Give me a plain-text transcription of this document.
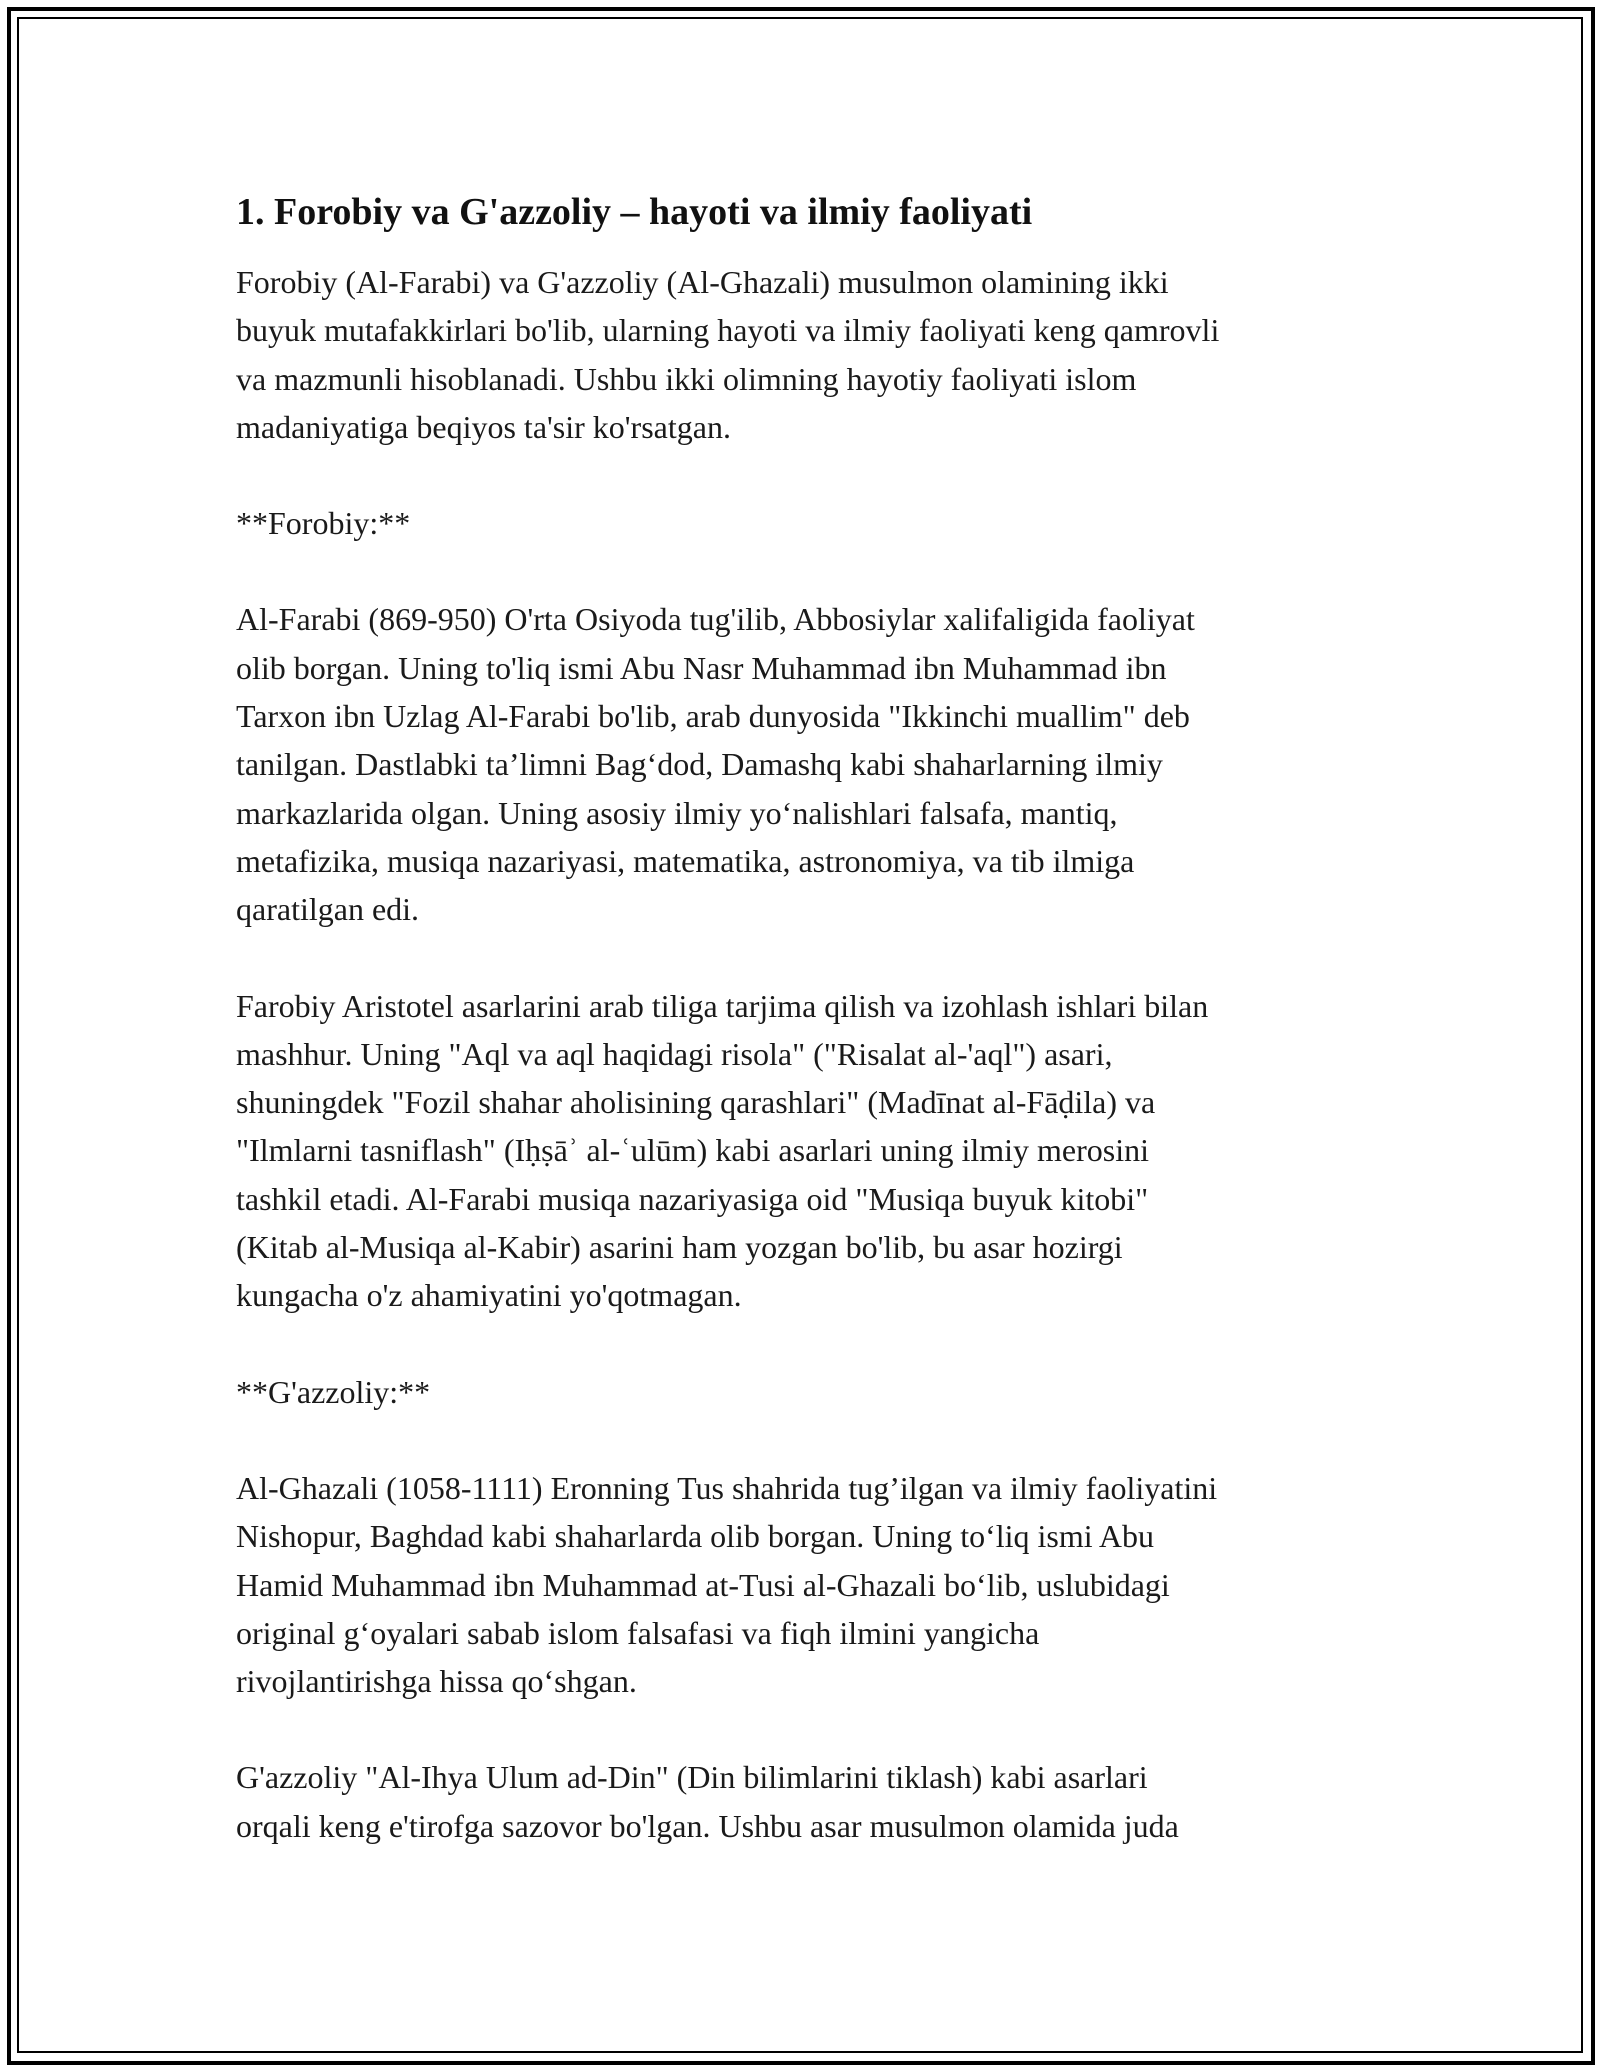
1. Forobiy va G'azzoliy – hayoti va ilmiy faoliyati
Forobiy (Al-Farabi) va G'azzoliy (Al-Ghazali) musulmon olamining ikki
buyuk mutafakkirlari bo'lib, ularning hayoti va ilmiy faoliyati keng qamrovli
va mazmunli hisoblanadi. Ushbu ikki olimning hayotiy faoliyati islom
madaniyatiga beqiyos ta'sir ko'rsatgan.
**Forobiy:**
Al-Farabi (869-950) O'rta Osiyoda tug'ilib, Abbosiylar xalifaligida faoliyat
olib borgan. Uning to'liq ismi Abu Nasr Muhammad ibn Muhammad ibn
Tarxon ibn Uzlag Al-Farabi bo'lib, arab dunyosida "Ikkinchi muallim" deb
tanilgan. Dastlabki ta’limni Bag‘dod, Damashq kabi shaharlarning ilmiy
markazlarida olgan. Uning asosiy ilmiy yo‘nalishlari falsafa, mantiq,
metafizika, musiqa nazariyasi, matematika, astronomiya, va tib ilmiga
qaratilgan edi.
Farobiy Aristotel asarlarini arab tiliga tarjima qilish va izohlash ishlari bilan
mashhur. Uning "Aql va aql haqidagi risola" ("Risalat al-'aql") asari,
shuningdek "Fozil shahar aholisining qarashlari" (Madīnat al-Fāḍila) va
"Ilmlarni tasniflash" (Iḥṣāʾ al-ʿulūm) kabi asarlari uning ilmiy merosini
tashkil etadi. Al-Farabi musiqa nazariyasiga oid "Musiqa buyuk kitobi"
(Kitab al-Musiqa al-Kabir) asarini ham yozgan bo'lib, bu asar hozirgi
kungacha o'z ahamiyatini yo'qotmagan.
**G'azzoliy:**
Al-Ghazali (1058-1111) Eronning Tus shahrida tug’ilgan va ilmiy faoliyatini
Nishopur, Baghdad kabi shaharlarda olib borgan. Uning to‘liq ismi Abu
Hamid Muhammad ibn Muhammad at-Tusi al-Ghazali bo‘lib, uslubidagi
original g‘oyalari sabab islom falsafasi va fiqh ilmini yangicha
rivojlantirishga hissa qo‘shgan.
G'azzoliy "Al-Ihya Ulum ad-Din" (Din bilimlarini tiklash) kabi asarlari
orqali keng e'tirofga sazovor bo'lgan. Ushbu asar musulmon olamida juda
